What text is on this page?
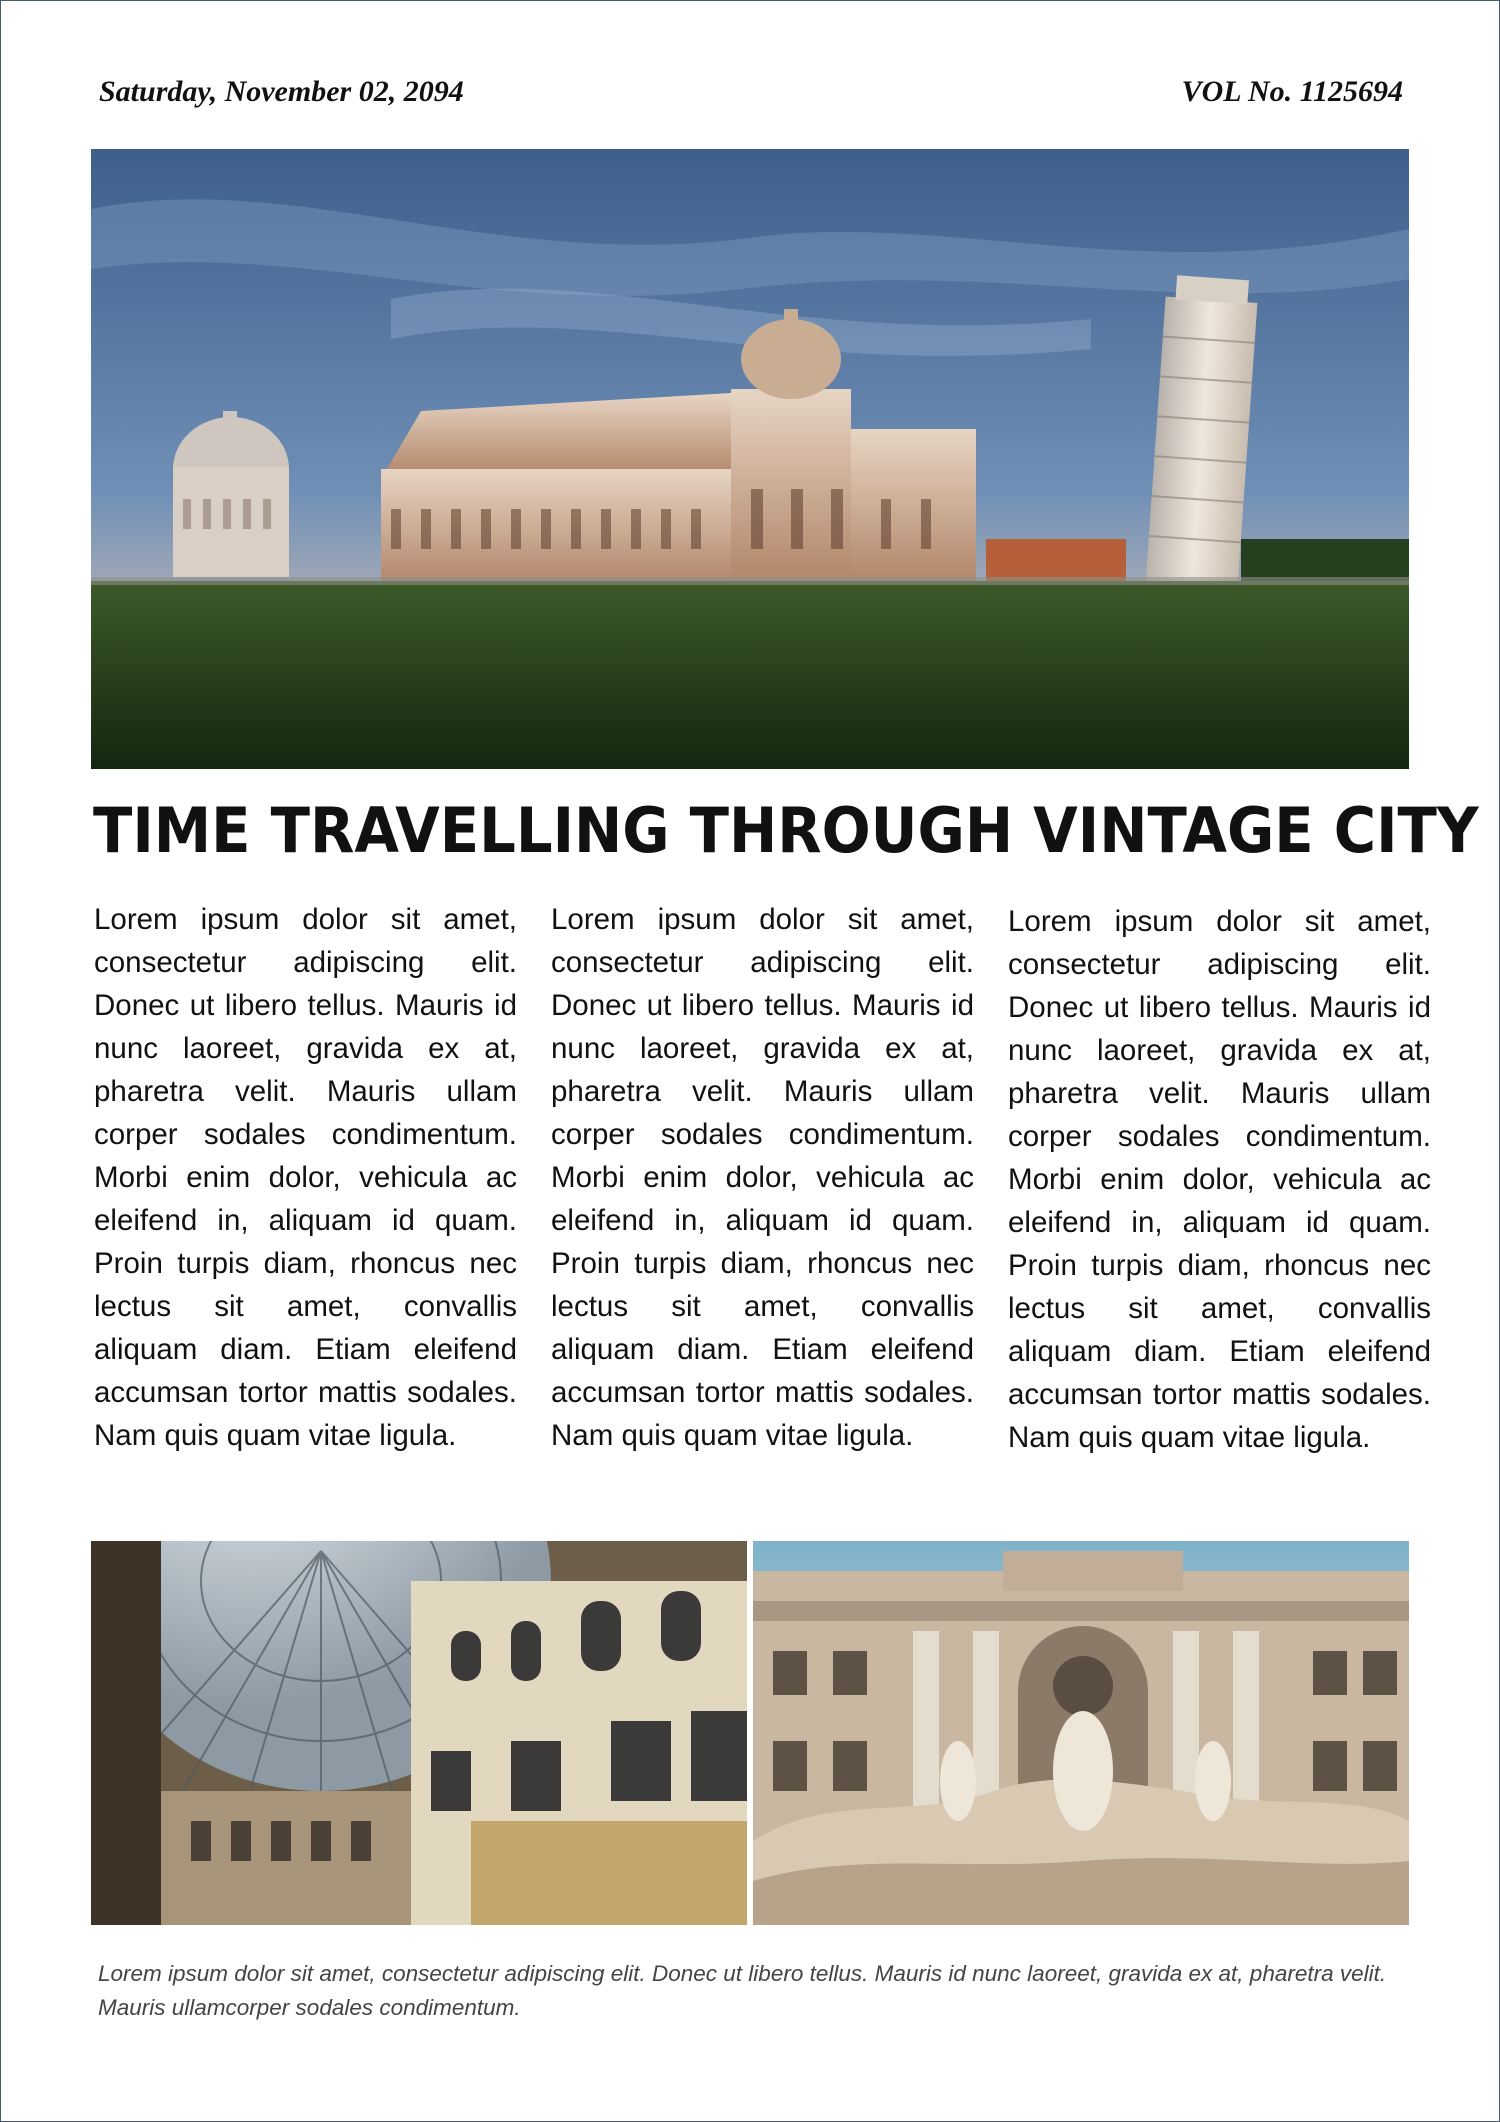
Saturday, November 02, 2094	VOL No. 1125694
TIME TRAVELLING THROUGH VINTAGE CITY
Lorem ipsum dolor sit amet, consectetur adipiscing elit. Donec ut libero tellus. Mauris id nunc laoreet, gravida ex at, pharetra velit. Mauris ullam corper sodales condimentum. Morbi enim dolor, vehicula ac eleifend in, aliquam id quam. Proin turpis diam, rhoncus nec lectus sit amet, convallis aliquam diam. Etiam eleifend accumsan tortor mattis sodales. Nam quis quam vitae ligula.
Lorem ipsum dolor sit amet, consectetur adipiscing elit. Donec ut libero tellus. Mauris id nunc laoreet, gravida ex at, pharetra velit. Mauris ullam corper sodales condimentum. Morbi enim dolor, vehicula ac eleifend in, aliquam id quam. Proin turpis diam, rhoncus nec lectus sit amet, convallis aliquam diam. Etiam eleifend accumsan tortor mattis sodales. Nam quis quam vitae ligula.
Lorem ipsum dolor sit amet, consectetur adipiscing elit. Donec ut libero tellus. Mauris id nunc laoreet, gravida ex at, pharetra velit. Mauris ullam corper sodales condimentum. Morbi enim dolor, vehicula ac eleifend in, aliquam id quam. Proin turpis diam, rhoncus nec lectus sit amet, convallis aliquam diam. Etiam eleifend accumsan tortor mattis sodales. Nam quis quam vitae ligula.
Lorem ipsum dolor sit amet, consectetur adipiscing elit. Donec ut libero tellus. Mauris id nunc laoreet, gravida ex at, pharetra velit. Mauris ullamcorper sodales condimentum.
